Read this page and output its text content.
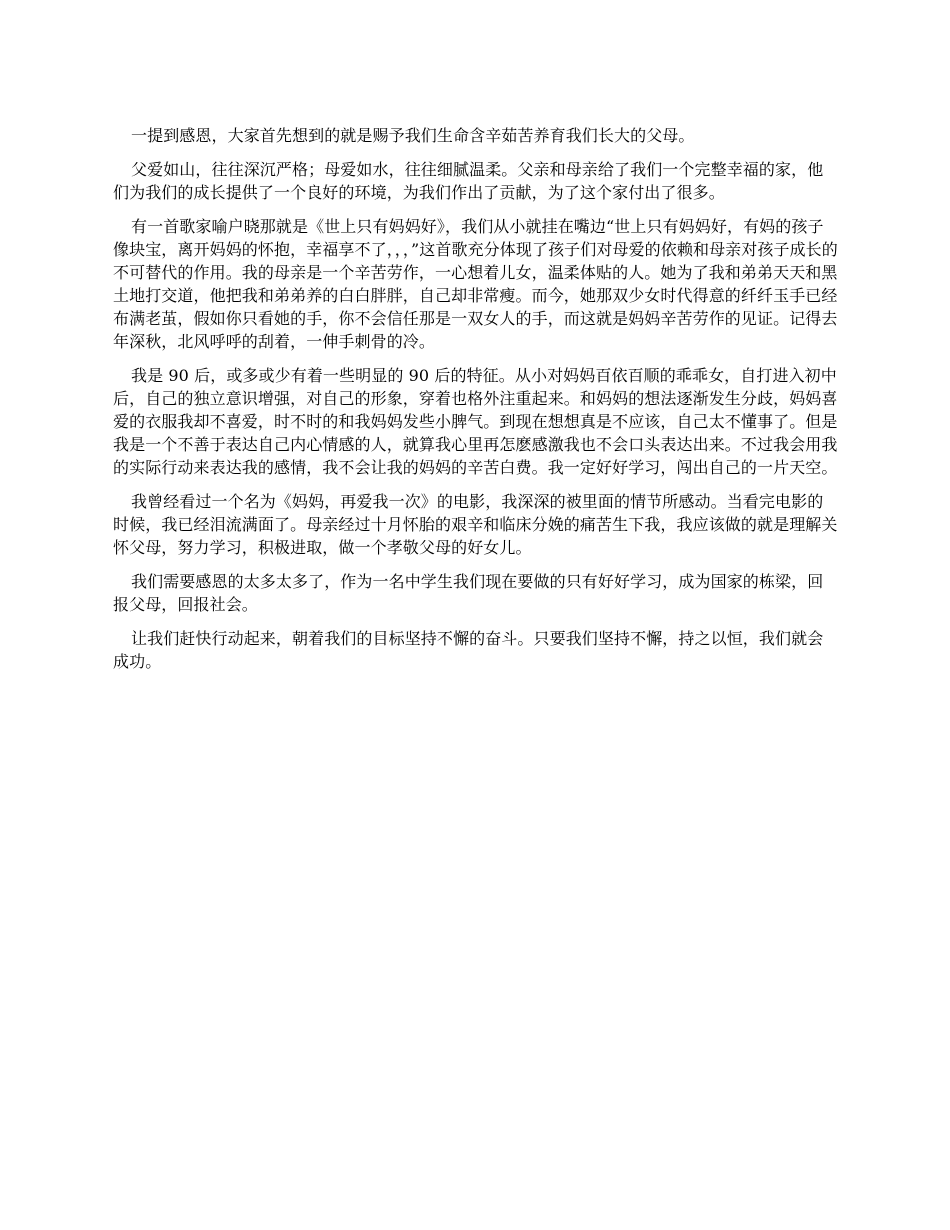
一提到感恩，大家首先想到的就是赐予我们生命含辛茹苦养育我们长大的父母。

父爱如山，往往深沉严格；母爱如水，往往细腻温柔。父亲和母亲给了我们一个完整幸福的家，他们为我们的成长提供了一个良好的环境，为我们作出了贡献，为了这个家付出了很多。

有一首歌家喻户晓那就是《世上只有妈妈好》，我们从小就挂在嘴边“世上只有妈妈好，有妈的孩子像块宝，离开妈妈的怀抱，幸福享不了，，，”这首歌充分体现了孩子们对母爱的依赖和母亲对孩子成长的不可替代的作用。我的母亲是一个辛苦劳作，一心想着儿女，温柔体贴的人。她为了我和弟弟天天和黑土地打交道，他把我和弟弟养的白白胖胖，自己却非常瘦。而今，她那双少女时代得意的纤纤玉手已经布满老茧，假如你只看她的手，你不会信任那是一双女人的手，而这就是妈妈辛苦劳作的见证。记得去年深秋，北风呼呼的刮着，一伸手刺骨的冷。

我是 90 后，或多或少有着一些明显的 90 后的特征。从小对妈妈百依百顺的乖乖女，自打进入初中后，自己的独立意识增强，对自己的形象，穿着也格外注重起来。和妈妈的想法逐渐发生分歧，妈妈喜爱的衣服我却不喜爱，时不时的和我妈妈发些小脾气。到现在想想真是不应该，自己太不懂事了。但是我是一个不善于表达自己内心情感的人，就算我心里再怎麽感激我也不会口头表达出来。不过我会用我的实际行动来表达我的感情，我不会让我的妈妈的辛苦白费。我一定好好学习，闯出自己的一片天空。

我曾经看过一个名为《妈妈，再爱我一次》的电影，我深深的被里面的情节所感动。当看完电影的时候，我已经泪流满面了。母亲经过十月怀胎的艰辛和临床分娩的痛苦生下我，我应该做的就是理解关怀父母，努力学习，积极进取，做一个孝敬父母的好女儿。

我们需要感恩的太多太多了，作为一名中学生我们现在要做的只有好好学习，成为国家的栋梁，回报父母，回报社会。

让我们赶快行动起来，朝着我们的目标坚持不懈的奋斗。只要我们坚持不懈，持之以恒，我们就会成功。
